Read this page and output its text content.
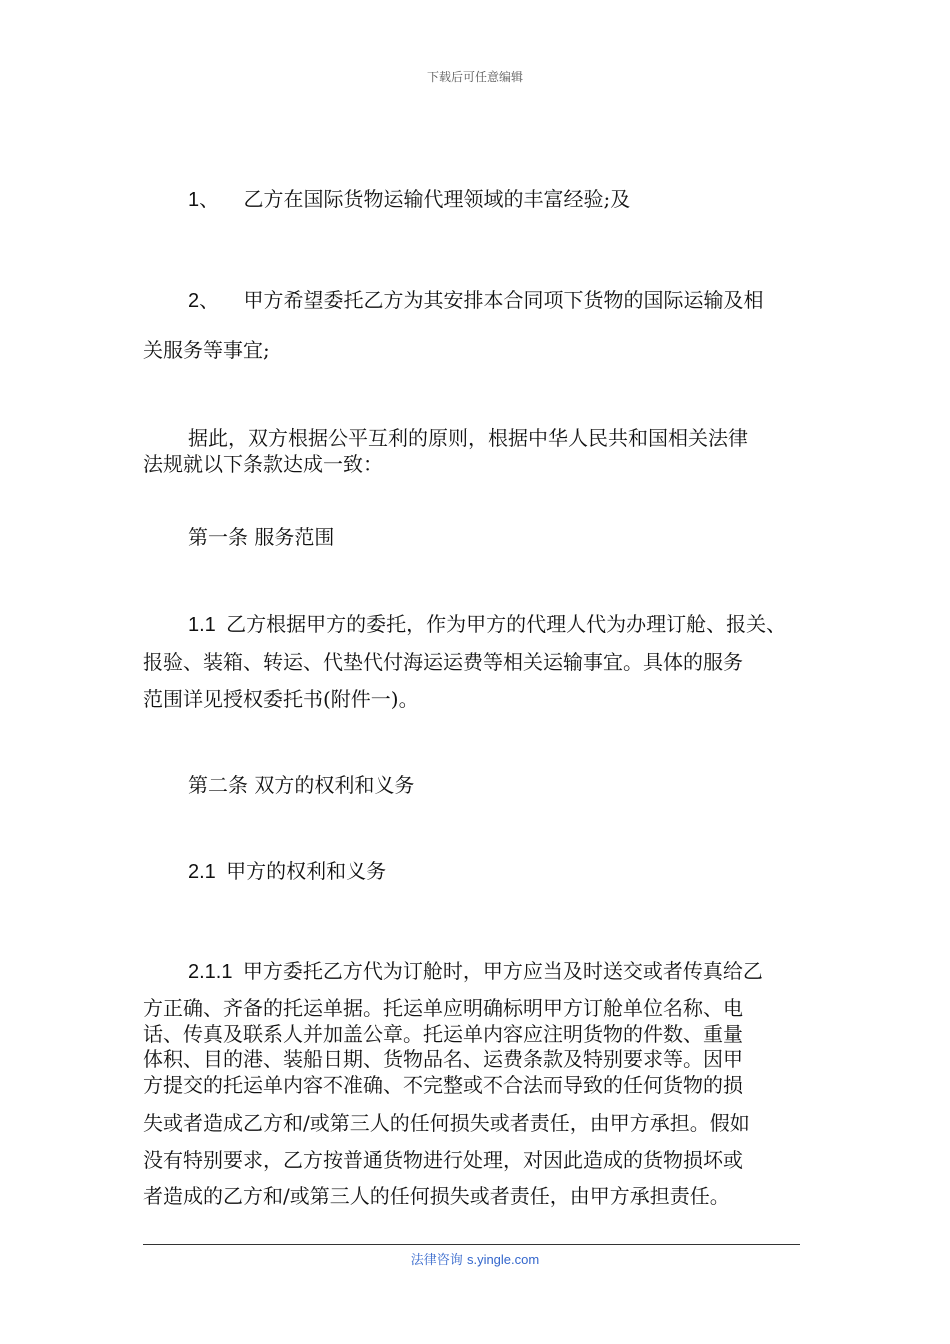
下载后可任意编辑
1、 乙方在国际货物运输代理领域的丰富经验;及
2、 甲方希望委托乙方为其安排本合同项下货物的国际运输及相
关服务等事宜;
据此，双方根据公平互利的原则，根据中华人民共和国相关法律
法规就以下条款达成一致：
第一条 服务范围
1.1 乙方根据甲方的委托，作为甲方的代理人代为办理订舱、报关、
报验、装箱、转运、代垫代付海运运费等相关运输事宜。具体的服务
范围详见授权委托书(附件一)。
第二条 双方的权利和义务
2.1 甲方的权利和义务
2.1.1 甲方委托乙方代为订舱时，甲方应当及时送交或者传真给乙
方正确、齐备的托运单据。托运单应明确标明甲方订舱单位名称、电
话、传真及联系人并加盖公章。托运单内容应注明货物的件数、重量
体积、目的港、装船日期、货物品名、运费条款及特别要求等。因甲
方提交的托运单内容不准确、不完整或不合法而导致的任何货物的损
失或者造成乙方和/或第三人的任何损失或者责任，由甲方承担。假如
没有特别要求，乙方按普通货物进行处理，对因此造成的货物损坏或
者造成的乙方和/或第三人的任何损失或者责任，由甲方承担责任。
法律咨询 s.yingle.com
